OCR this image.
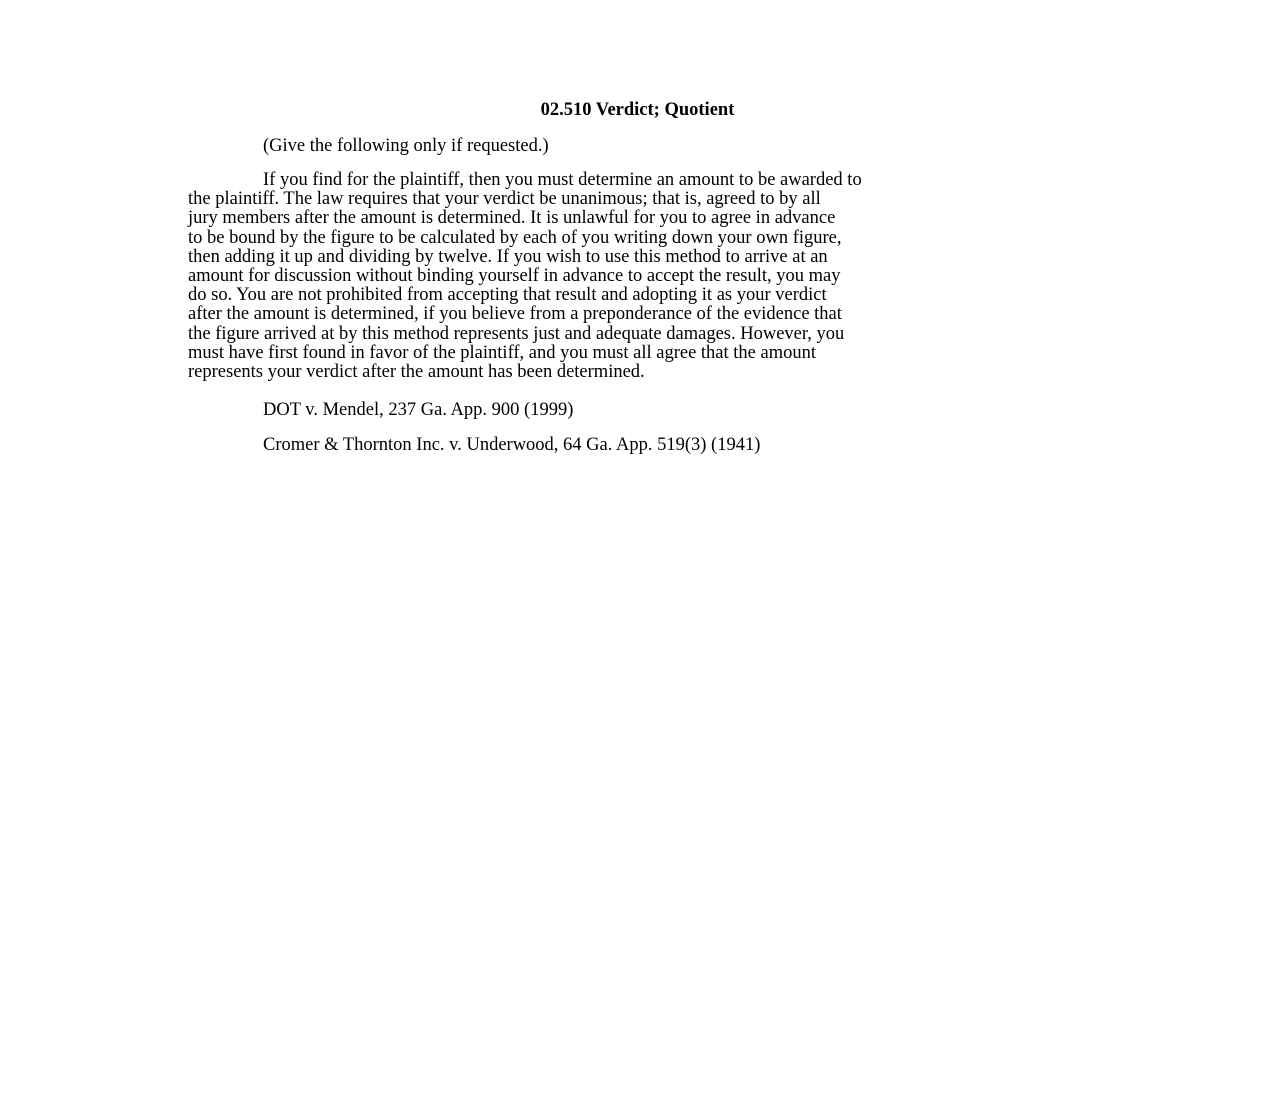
02.510 Verdict; Quotient
(Give the following only if requested.)
If you find for the plaintiff, then you must determine an amount to be awarded to
the plaintiff. The law requires that your verdict be unanimous; that is, agreed to by all
jury members after the amount is determined. It is unlawful for you to agree in advance
to be bound by the figure to be calculated by each of you writing down your own figure,
then adding it up and dividing by twelve. If you wish to use this method to arrive at an
amount for discussion without binding yourself in advance to accept the result, you may
do so. You are not prohibited from accepting that result and adopting it as your verdict
after the amount is determined, if you believe from a preponderance of the evidence that
the figure arrived at by this method represents just and adequate damages. However, you
must have first found in favor of the plaintiff, and you must all agree that the amount
represents your verdict after the amount has been determined.
DOT v. Mendel, 237 Ga. App. 900 (1999)
Cromer & Thornton Inc. v. Underwood, 64 Ga. App. 519(3) (1941)
